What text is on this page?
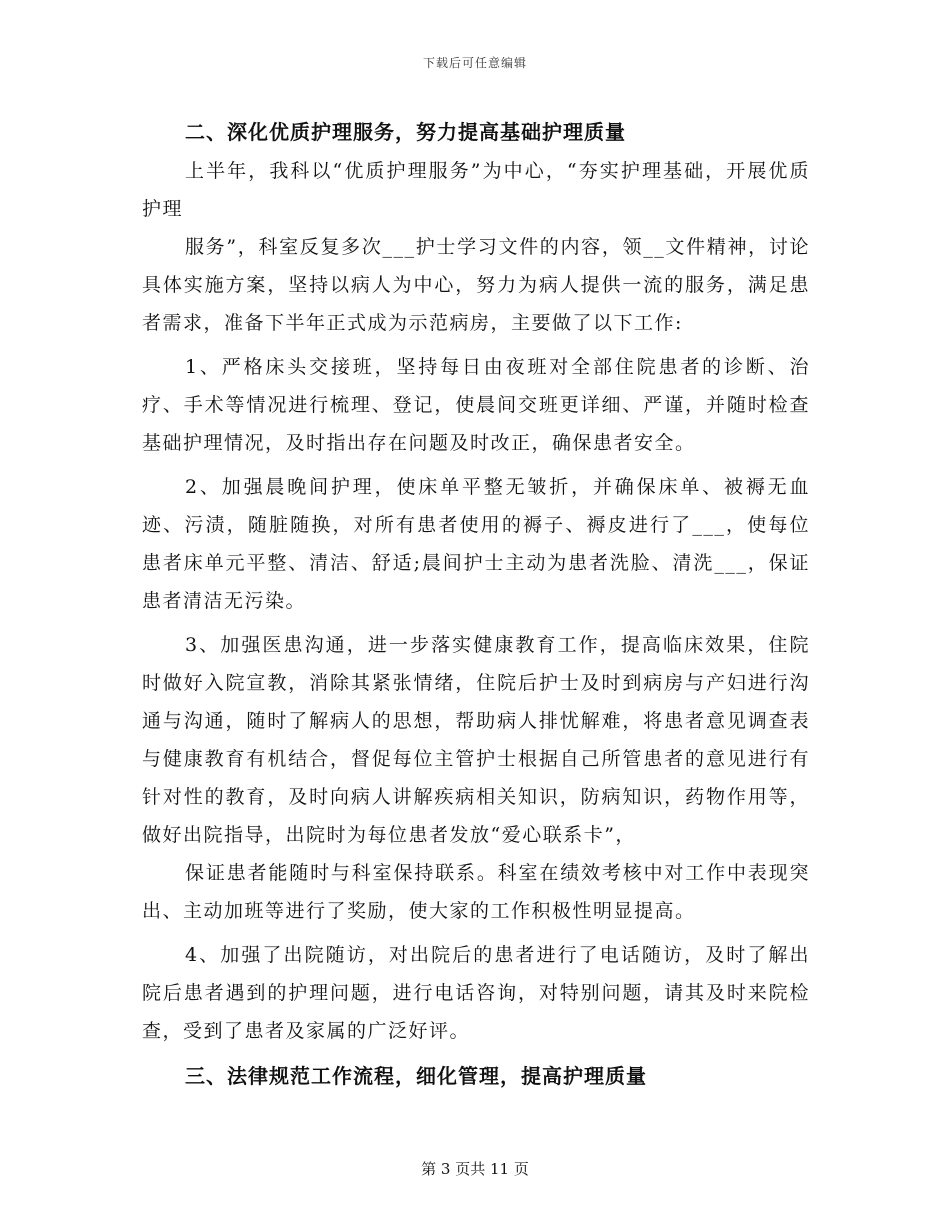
下载后可任意编辑
二、深化优质护理服务，努力提高基础护理质量

上半年，我科以“优质护理服务”为中心，“夯实护理基础，开展优质护理

服务”，科室反复多次___护士学习文件的内容，领__文件精神，讨论具体实施方案，坚持以病人为中心，努力为病人提供一流的服务，满足患者需求，准备下半年正式成为示范病房，主要做了以下工作:

1、严格床头交接班，坚持每日由夜班对全部住院患者的诊断、治疗、手术等情况进行梳理、登记，使晨间交班更详细、严谨，并随时检查基础护理情况，及时指出存在问题及时改正，确保患者安全。

2、加强晨晚间护理，使床单平整无皱折，并确保床单、被褥无血迹、污渍，随脏随换，对所有患者使用的褥子、褥皮进行了___，使每位患者床单元平整、清洁、舒适;晨间护士主动为患者洗脸、清洗___，保证患者清洁无污染。

3、加强医患沟通，进一步落实健康教育工作，提高临床效果，住院时做好入院宣教，消除其紧张情绪，住院后护士及时到病房与产妇进行沟通与沟通，随时了解病人的思想，帮助病人排忧解难，将患者意见调查表与健康教育有机结合，督促每位主管护士根据自己所管患者的意见进行有针对性的教育，及时向病人讲解疾病相关知识，防病知识，药物作用等，做好出院指导，出院时为每位患者发放“爱心联系卡”，

保证患者能随时与科室保持联系。科室在绩效考核中对工作中表现突出、主动加班等进行了奖励，使大家的工作积极性明显提高。

4、加强了出院随访，对出院后的患者进行了电话随访，及时了解出院后患者遇到的护理问题，进行电话咨询，对特别问题，请其及时来院检查，受到了患者及家属的广泛好评。

三、法律规范工作流程，细化管理，提高护理质量
第 3 页共 11 页
